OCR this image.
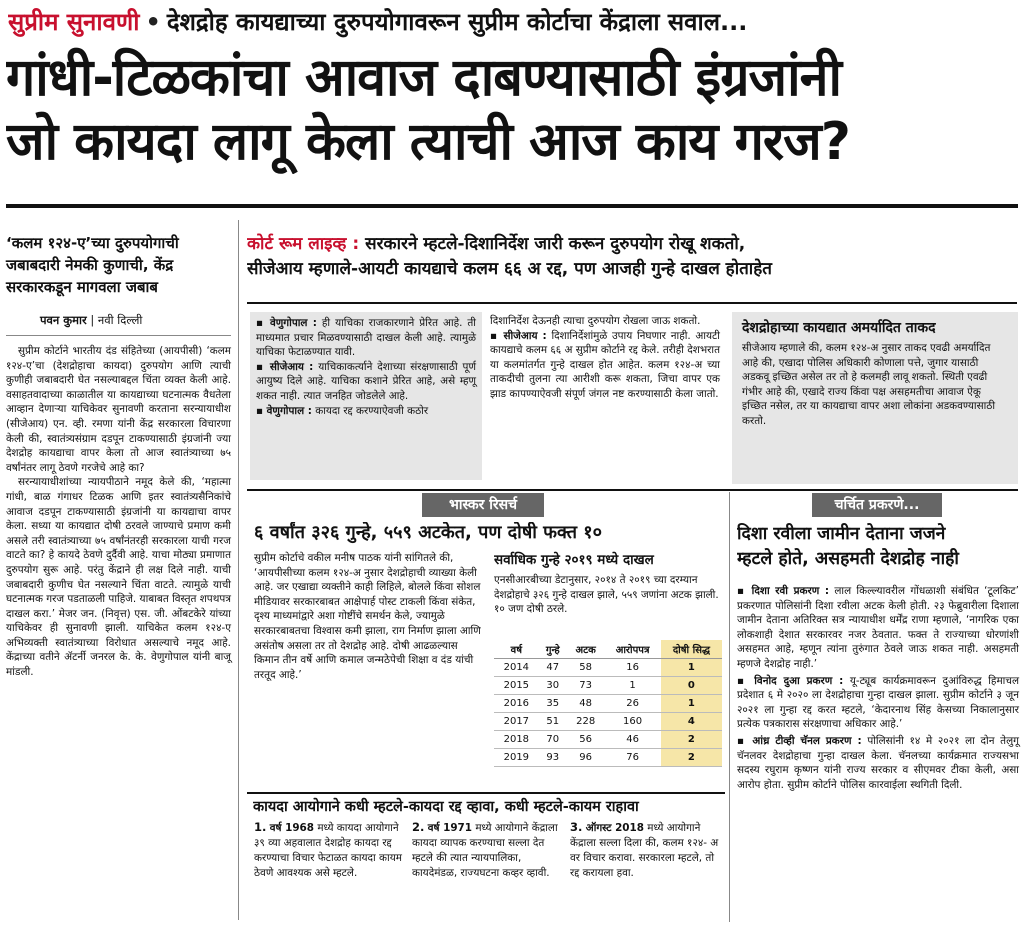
सुप्रीम सुनावणी • देशद्रोह कायद्याच्या दुरुपयोगावरून सुप्रीम कोर्टाचा केंद्राला सवाल...
गांधी-टिळकांचा आवाज दाबण्यासाठी इंग्रजांनी
जो कायदा लागू केला त्याची आज काय गरज?
‘कलम १२४-ए’च्या दुरुपयोगाची जबाबदारी नेमकी कुणाची, केंद्र सरकारकडून मागवला जबाब
पवन कुमार | नवी दिल्ली

सुप्रीम कोर्टाने भारतीय दंड संहितेच्या (आयपीसी) ‘कलम १२४-ए’चा (देशद्रोहाचा कायदा) दुरुपयोग आणि त्याची कुणीही जबाबदारी घेत नसल्याबद्दल चिंता व्यक्त केली आहे. वसाहतवादाच्या काळातील या कायद्याच्या घटनात्मक वैधतेला आव्हान देणाऱ्या याचिकेवर सुनावणी करताना सरन्यायाधीश (सीजेआय) एन. व्ही. रमणा यांनी केंद्र सरकारला विचारणा केली की, स्वातंत्र्यसंग्राम दडपून टाकण्यासाठी इंग्रजांनी ज्या देशद्रोह कायद्याचा वापर केला तो आज स्वातंत्र्याच्या ७५ वर्षांनंतर लागू ठेवणे गरजेचे आहे का?

सरन्यायाधीशांच्या न्यायपीठाने नमूद केले की, ‘महात्मा गांधी, बाळ गंगाधर टिळक आणि इतर स्वातंत्र्यसैनिकांचे आवाज दडपून टाकण्यासाठी इंग्रजांनी या कायद्याचा वापर केला. सध्या या कायद्यात दोषी ठरवले जाण्याचे प्रमाण कमी असले तरी स्वातंत्र्याच्या ७५ वर्षांनंतरही सरकारला याची गरज वाटते का? हे कायदे ठेवणे दुर्दैवी आहे. याचा मोठ्या प्रमाणात दुरुपयोग सुरू आहे. परंतु केंद्राने ही लक्ष दिले नाही. याची जबाबदारी कुणीच घेत नसल्याने चिंता वाटते. त्यामुळे याची घटनात्मक गरज पडताळली पाहिजे. याबाबत विस्तृत शपथपत्र दाखल करा.’ मेजर जन. (निवृत्त) एस. जी. ओंबटकेरे यांच्या याचिकेवर ही सुनावणी झाली. याचिकेत कलम १२४-ए अभिव्यक्ती स्वातंत्र्याच्या विरोधात असल्याचे नमूद आहे. केंद्राच्या वतीने ॲटर्नी जनरल के. के. वेणुगोपाल यांनी बाजू मांडली.

कोर्ट रूम लाइव्ह : सरकारने म्हटले-दिशानिर्देश जारी करून दुरुपयोग रोखू शकतो,
सीजेआय म्हणाले-आयटी कायद्याचे कलम ६६ अ रद्द, पण आजही गुन्हे दाखल होताहेत
▪ वेणुगोपाल : ही याचिका राजकारणाने प्रेरित आहे. ती माध्यमात प्रचार मिळवण्यासाठी दाखल केली आहे. त्यामुळे याचिका फेटाळण्यात यावी.
▪ सीजेआय : याचिकाकर्त्याने देशाच्या संरक्षणासाठी पूर्ण आयुष्य दिले आहे. याचिका कशाने प्रेरित आहे, असे म्हणू शकत नाही. त्यात जनहित जोडलेले आहे.
▪ वेणुगोपाल : कायदा रद्द करण्याऐवजी कठोर
दिशानिर्देश देऊनही त्याचा दुरुपयोग रोखला जाऊ शकतो.
▪ सीजेआय : दिशानिर्देशांमुळे उपाय निघणार नाही. आयटी कायद्याचे कलम ६६ अ सुप्रीम कोर्टाने रद्द केले. तरीही देशभरात या कलमांतर्गत गुन्हे दाखल होत आहेत. कलम १२४-अ च्या ताकदीची तुलना त्या आरीशी करू शकता, जिचा वापर एक झाड कापण्याऐवजी संपूर्ण जंगल नष्ट करण्यासाठी केला जातो.
देशद्रोहाच्या कायद्यात अमर्यादित ताकद
सीजेआय म्हणाले की, कलम १२४-अ नुसार ताकद एवढी अमर्यादित आहे की, एखादा पोलिस अधिकारी कोणाला पत्ते, जुगार यासाठी अडकवू इच्छित असेल तर तो हे कलमही लावू शकतो. स्थिती एवढी गंभीर आहे की, एखादे राज्य किंवा पक्ष असहमतीचा आवाज ऐकू इच्छित नसेल, तर या कायद्याचा वापर अशा लोकांना अडकवण्यासाठी करतो.
भास्कर रिसर्च
६ वर्षांत ३२६ गुन्हे, ५५९ अटकेत, पण दोषी फक्त १०
सुप्रीम कोर्टाचे वकील मनीष पाठक यांनी सांगितले की, ‘आयपीसीच्या कलम १२४-अ नुसार देशद्रोहाची व्याख्या केली आहे. जर एखाद्या व्यक्तीने काही लिहिले, बोलले किंवा सोशल मीडियावर सरकारबाबत आक्षेपार्ह पोस्ट टाकली किंवा संकेत, दृश्य माध्यमांद्वारे अशा गोष्टींचे समर्थन केले, ज्यामुळे सरकारबाबतचा विश्वास कमी झाला, राग निर्माण झाला आणि असंतोष असला तर तो देशद्रोह आहे. दोषी आढळल्यास किमान तीन वर्षे आणि कमाल जन्मठेपेची शिक्षा व दंड यांची तरतूद आहे.’
सर्वाधिक गुन्हे २०१९ मध्ये दाखल
एनसीआरबीच्या डेटानुसार, २०१४ ते २०१९ च्या दरम्यान देशद्रोहाचे ३२६ गुन्हे दाखल झाले, ५५९ जणांना अटक झाली. १० जण दोषी ठरले.
वर्ष	गुन्हे	अटक	आरोपपत्र	दोषी सिद्ध
2014	47	58	16	1
2015	30	73	1	0
2016	35	48	26	1
2017	51	228	160	4
2018	70	56	46	2
2019	93	96	76	2
कायदा आयोगाने कधी म्हटले-कायदा रद्द व्हावा, कधी म्हटले-कायम राहावा
1. वर्ष 1968 मध्ये कायदा आयोगाने ३९ व्या अहवालात देशद्रोह कायदा रद्द करण्याचा विचार फेटाळत कायदा कायम ठेवणे आवश्यक असे म्हटले.
2. वर्ष 1971 मध्ये आयोगाने केंद्राला कायदा व्यापक करण्याचा सल्ला देत म्हटले की त्यात न्यायपालिका, कायदेमंडळ, राज्यघटना कव्हर व्हावी.
3. ऑगस्ट 2018 मध्ये आयोगाने केंद्राला सल्ला दिला की, कलम १२४- अ वर विचार करावा. सरकारला म्हटले, तो रद्द करायला हवा.
चर्चित प्रकरणे...
दिशा रवीला जामीन देताना जजने
म्हटले होते, असहमती देशद्रोह नाही
▪ दिशा रवी प्रकरण : लाल किल्ल्यावरील गोंधळाशी संबंधित ‘टूलकिट’ प्रकरणात पोलिसांनी दिशा रवीला अटक केली होती. २३ फेब्रुवारीला दिशाला जामीन देताना अतिरिक्त सत्र न्यायाधीश धर्मेंद्र राणा म्हणाले, ‘नागरिक एका लोकशाही देशात सरकारवर नजर ठेवतात. फक्त ते राज्याच्या धोरणांशी असहमत आहे, म्हणून त्यांना तुरुंगात ठेवले जाऊ शकत नाही. असहमती म्हणजे देशद्रोह नाही.’
▪ विनोद दुआ प्रकरण : यू-ट्यूब कार्यक्रमावरून दुआंविरुद्ध हिमाचल प्रदेशात ६ मे २०२० ला देशद्रोहाचा गुन्हा दाखल झाला. सुप्रीम कोर्टाने ३ जून २०२१ ला गुन्हा रद्द करत म्हटले, ‘केदारनाथ सिंह केसच्या निकालानुसार प्रत्येक पत्रकारास संरक्षणाचा अधिकार आहे.’
▪ आंध्र टीव्ही चॅनल प्रकरण : पोलिसांनी १४ मे २०२१ ला दोन तेलुगू चॅनलवर देशद्रोहाचा गुन्हा दाखल केला. चॅनलच्या कार्यक्रमात राज्यसभा सदस्य रघुराम कृष्णन यांनी राज्य सरकार व सीएमवर टीका केली, असा आरोप होता. सुप्रीम कोर्टाने पोलिस कारवाईला स्थगिती दिली.
